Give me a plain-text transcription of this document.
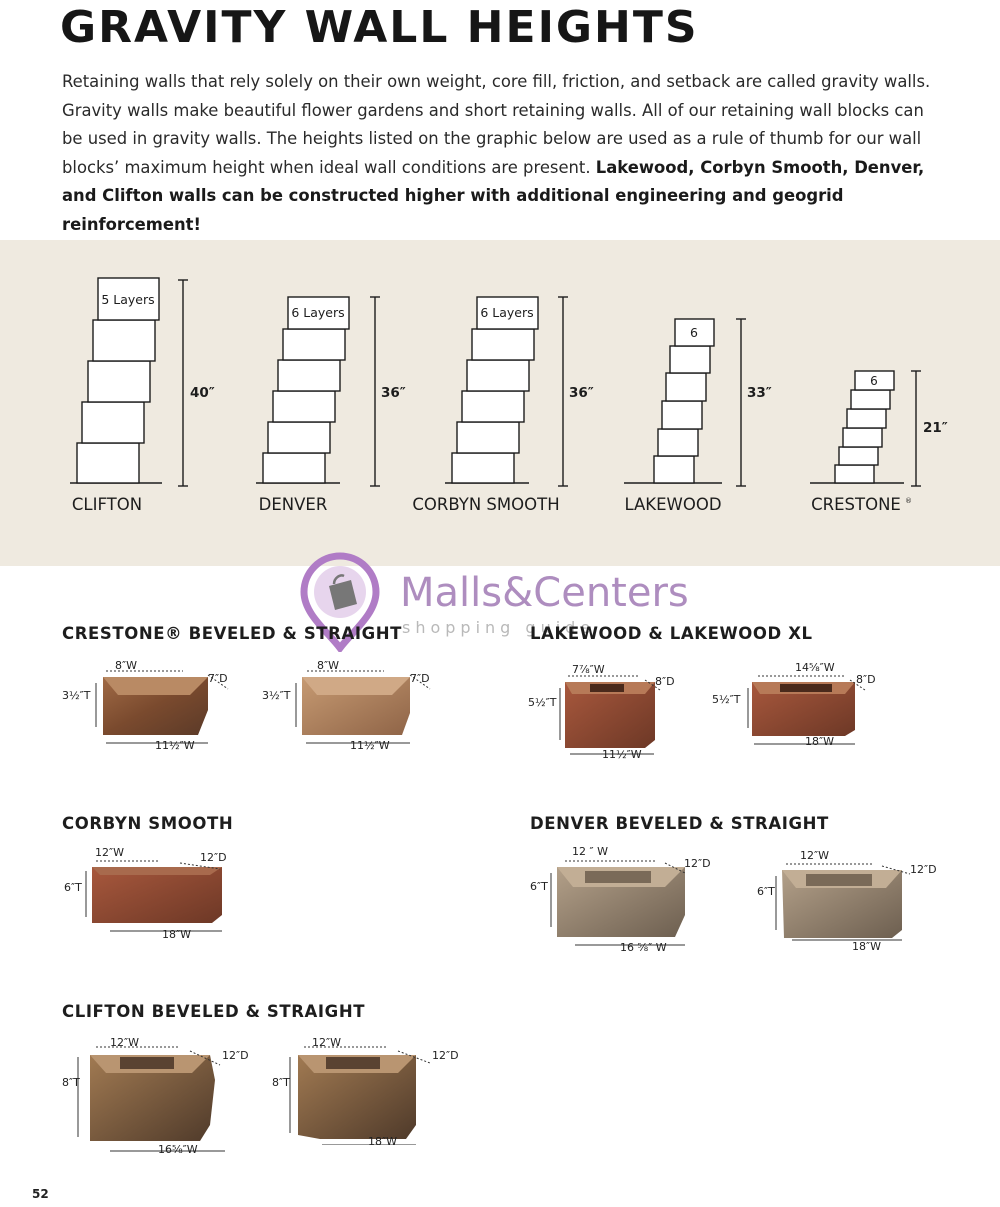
GRAVITY WALL HEIGHTS

Retaining walls that rely solely on their own weight, core fill, friction, and setback are called gravity walls. Gravity walls make beautiful flower gardens and short retaining walls. All of our retaining wall blocks can be used in gravity walls. The heights listed on the graphic below are used as a rule of thumb for our wall blocks’ maximum height when ideal wall conditions are present. Lakewood, Corbyn Smooth, Denver, and Clifton walls can be constructed higher with additional engineering and geogrid reinforcement!

5 Layers
6 Layers	6 Layers
6
6
40″	36″	36″	33″
21″
CLIFTON	DENVER	CORBYN SMOOTH	LAKEWOOD	CRESTONE ®
Malls&Centers
shopping guide
CRESTONE® BEVELED & STRAIGHT	LAKEWOOD & LAKEWOOD XL
CORBYN SMOOTH	DENVER BEVELED & STRAIGHT
CLIFTON BEVELED & STRAIGHT
8″W
7″D
3½″T
11½″W
8″W
7″D
3½″T
11½″W
7⅞″W
8″D
5½″T
11½″W
14⅝″W
8″D
5½″T
18″W
12″W	12″D
6″T
18″W
12 ″ W
12″D
6″T
16 ⅝″ W
12″W
12″D
6″T
18″W
12″W
12″D
8″T
16⅝″W
12″W
12″D
8″T
18″W
52
